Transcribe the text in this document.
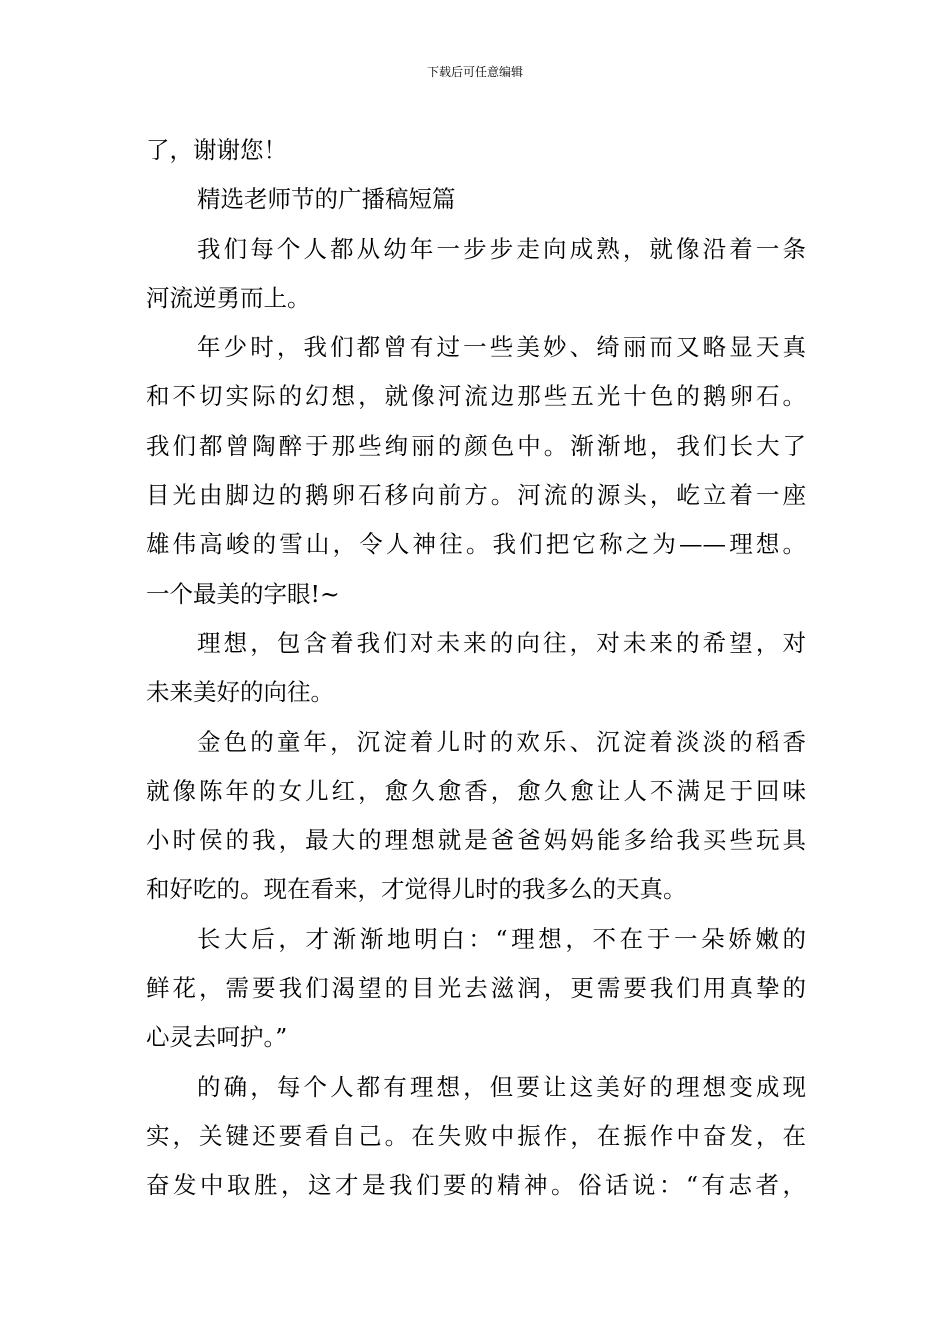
下载后可任意编辑
了，谢谢您！
精选老师节的广播稿短篇
我们每个人都从幼年一步步走向成熟，就像沿着一条
河流逆勇而上。
年少时，我们都曾有过一些美妙、绮丽而又略显天真
和不切实际的幻想，就像河流边那些五光十色的鹅卵石。
我们都曾陶醉于那些绚丽的颜色中。渐渐地，我们长大了
目光由脚边的鹅卵石移向前方。河流的源头，屹立着一座
雄伟高峻的雪山，令人神往。我们把它称之为——理想。
一个最美的字眼!~
理想，包含着我们对未来的向往，对未来的希望，对
未来美好的向往。
金色的童年，沉淀着儿时的欢乐、沉淀着淡淡的稻香
就像陈年的女儿红，愈久愈香，愈久愈让人不满足于回味
小时侯的我，最大的理想就是爸爸妈妈能多给我买些玩具
和好吃的。现在看来，才觉得儿时的我多么的天真。
长大后，才渐渐地明白：“理想，不在于一朵娇嫩的
鲜花，需要我们渴望的目光去滋润，更需要我们用真挚的
心灵去呵护。”
的确，每个人都有理想，但要让这美好的理想变成现
实，关键还要看自己。在失败中振作，在振作中奋发，在
奋发中取胜，这才是我们要的精神。俗话说：“有志者，
